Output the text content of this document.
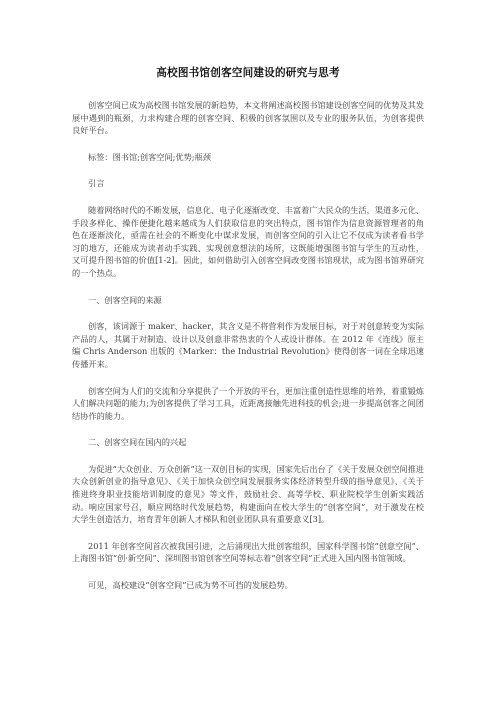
高校图书馆创客空间建设的研究与思考
创客空间已成为高校图书馆发展的新趋势，本文将阐述高校图书馆建设创客空间的优势及其发展中遇到的瓶颈，力求构建合理的创客空间、积极的创客氛围以及专业的服务队伍，为创客提供良好平台。
标签：图书馆;创客空间;优势;瓶颈
引言
随着网络时代的不断发展，信息化、电子化逐渐改变、丰富着广大民众的生活，渠道多元化、手段多样化、操作便捷化越来越成为人们获取信息的突出特点，图书馆作为信息资源管理者的角色在逐渐淡化，亟需在社会的不断变化中谋求发展，而创客空间的引入让它不仅成为读者看书学习的地方，还能成为读者动手实践、实现创意想法的场所，这既能增强图书馆与学生的互动性，又可提升图书馆的价值[1-2]。因此，如何借助引入创客空间改变图书馆现状，成为图书馆界研究的一个热点。
一、创客空间的来源
创客，该词源于 maker、hacker，其含义是不将营利作为发展目标，对于对创意转变为实际产品的人，其属于对制造、设计以及创意非常热衷的个人或设计群体。在 2012 年《连线》原主编 Chris Anderson 出版的《Marker：the Industrial Revolution》使得创客一词在全球迅速传播开来。
创客空间为人们的交流和分享提供了一个开放的平台，更加注重创造性思维的培养，着重锻炼人们解决问题的能力;为创客提供了学习工具，近距离接触先进科技的机会;进一步提高创客之间团结协作的能力。
二、创客空间在国内的兴起
为促进“大众创业、万众创新”这一双创目标的实现，国家先后出台了《关于发展众创空间推进大众创新创业的指导意见》、《关于加快众创空间发展服务实体经济转型升级的指导意见》、《关于推进终身职业技能培训制度的意见》等文件，鼓励社会、高等学校、职业院校学生创新实践活动。响应国家号召，顺应网络时代发展趋势，构建面向在校大学生的“创客空间”，对于激发在校大学生创造活力，培育青年创新人才梯队和创业团队具有重要意义[3]。
2011 年创客空间首次被我国引进，之后涌现出大批创客组织，国家科学图书馆“创意空间”、上海图书馆“创·新空间”、深圳图书馆创客空间等标志着“创客空间”正式进入国内图书馆领域。
可见，高校建设“创客空间”已成为势不可挡的发展趋势。
